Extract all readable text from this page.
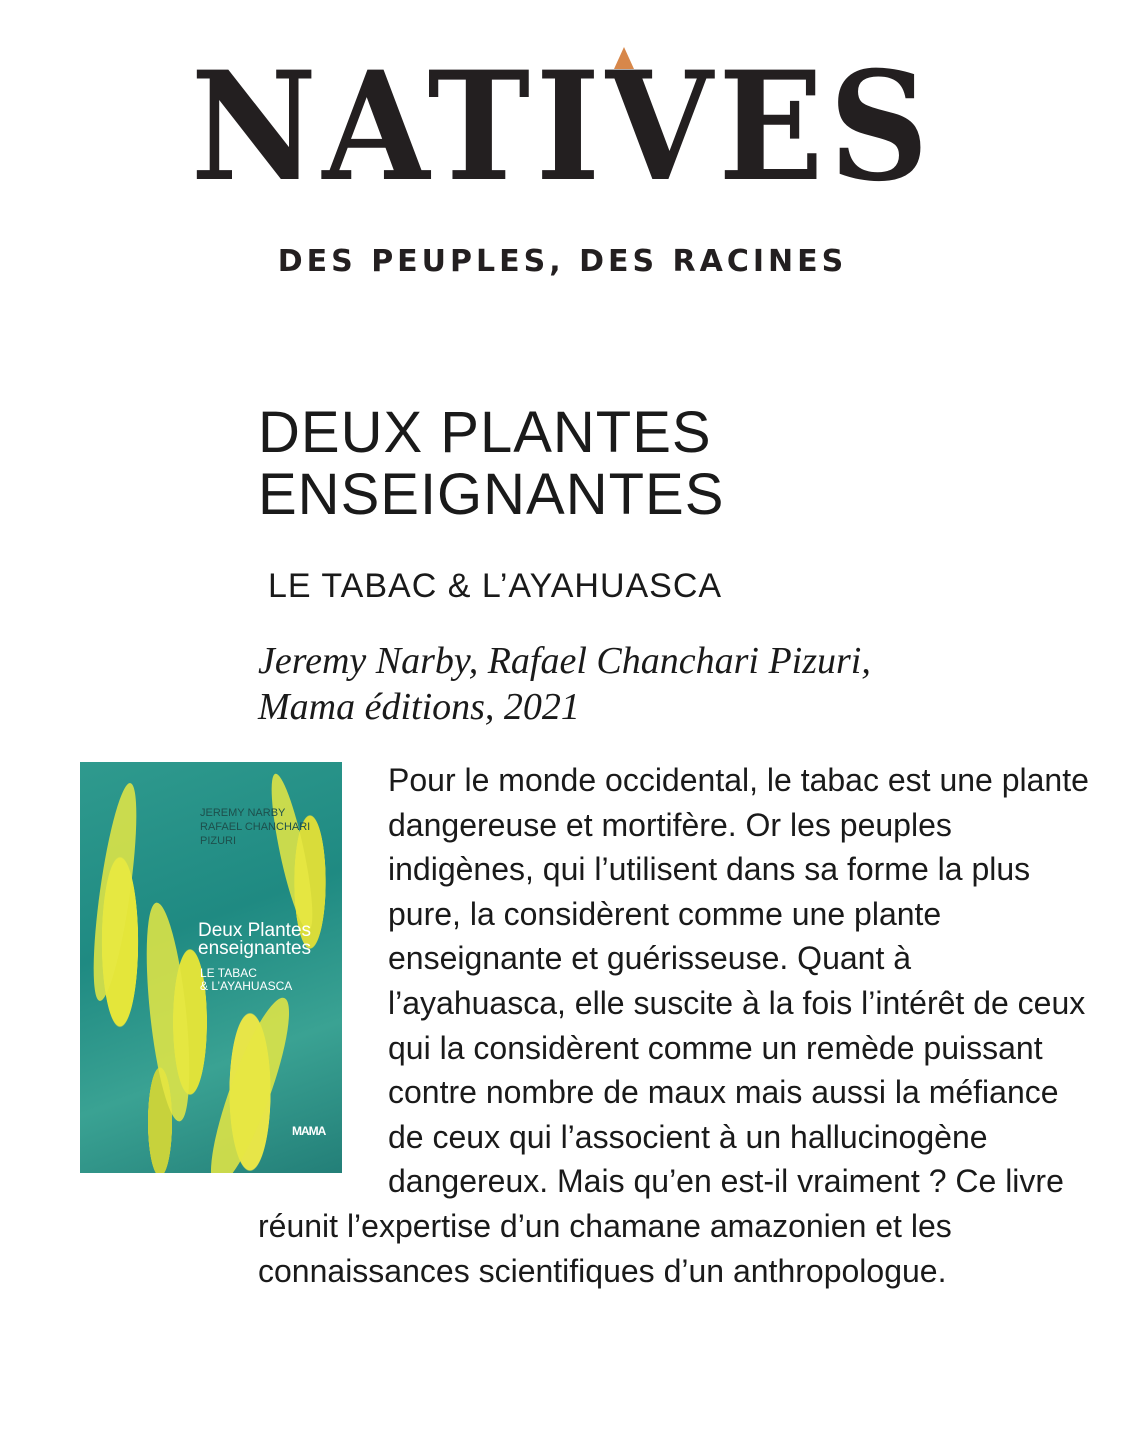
NATIVES
DES PEUPLES, DES RACINES
DEUX PLANTES
ENSEIGNANTES
LE TABAC & L’AYAHUASCA
Jeremy Narby, Rafael Chanchari Pizuri,
Mama éditions, 2021
JEREMY NARBY
RAFAEL CHANCHARI PIZURI
Deux Plantes
enseignantes
LE TABAC
& L’AYAHUASCA
MAMA
Pour le monde occidental, le tabac est une plante dangereuse et mortifère. Or les peuples indigènes, qui l’utilisent dans sa forme la plus pure, la considèrent comme une plante enseignante et guérisseuse. Quant à l’ayahuasca, elle suscite à la fois l’intérêt de ceux qui la considèrent comme un remède puissant contre nombre de maux mais aussi la méfiance de ceux qui l’associent à un hallucinogène dangereux. Mais qu’en est-il vraiment ? Ce livre réunit l’expertise d’un chamane amazonien et les connaissances scientifiques d’un anthropologue.
